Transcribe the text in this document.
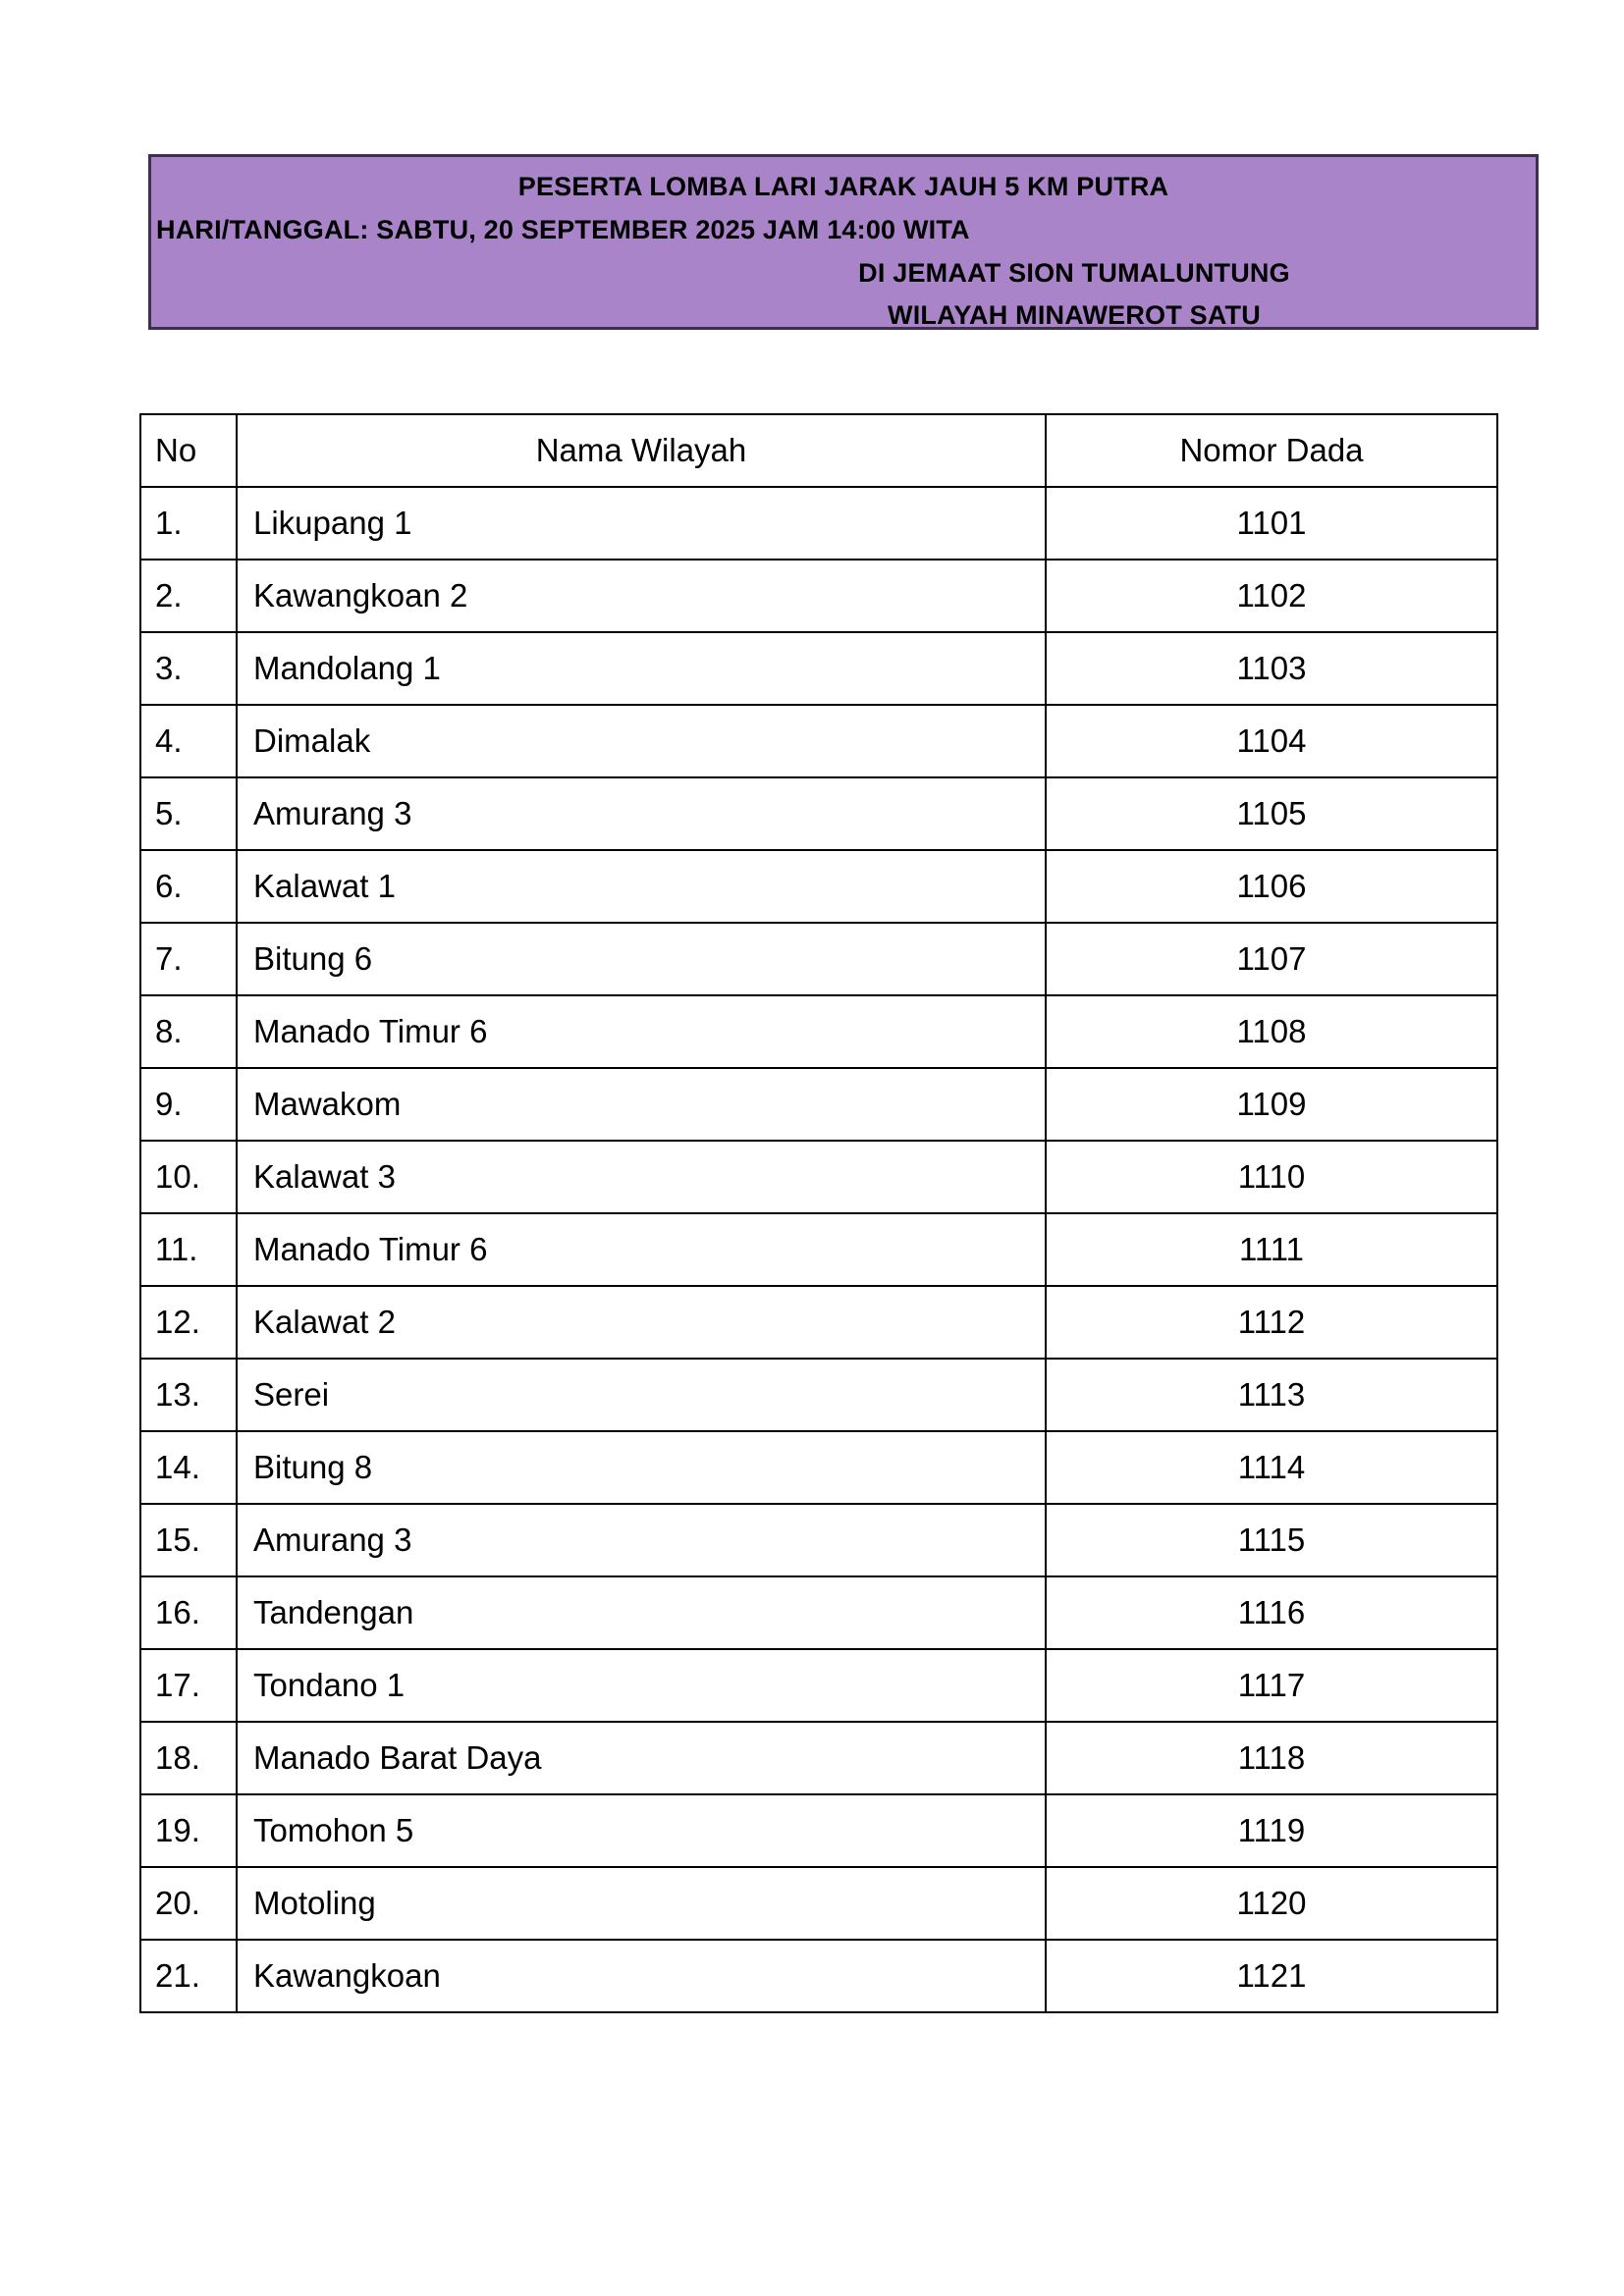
PESERTA LOMBA LARI JARAK JAUH 5 KM PUTRA
HARI/TANGGAL: SABTU, 20 SEPTEMBER 2025 JAM 14:00 WITA
DI JEMAAT SION TUMALUNTUNG
WILAYAH MINAWEROT SATU
No	Nama Wilayah	Nomor Dada
1.	Likupang 1	1101
2.	Kawangkoan 2	1102
3.	Mandolang 1	1103
4.	Dimalak	1104
5.	Amurang 3	1105
6.	Kalawat 1	1106
7.	Bitung 6	1107
8.	Manado Timur 6	1108
9.	Mawakom	1109
10.	Kalawat 3	1110
11.	Manado Timur 6	1111
12.	Kalawat 2	1112
13.	Serei	1113
14.	Bitung 8	1114
15.	Amurang 3	1115
16.	Tandengan	1116
17.	Tondano 1	1117
18.	Manado Barat Daya	1118
19.	Tomohon 5	1119
20.	Motoling	1120
21.	Kawangkoan	1121
